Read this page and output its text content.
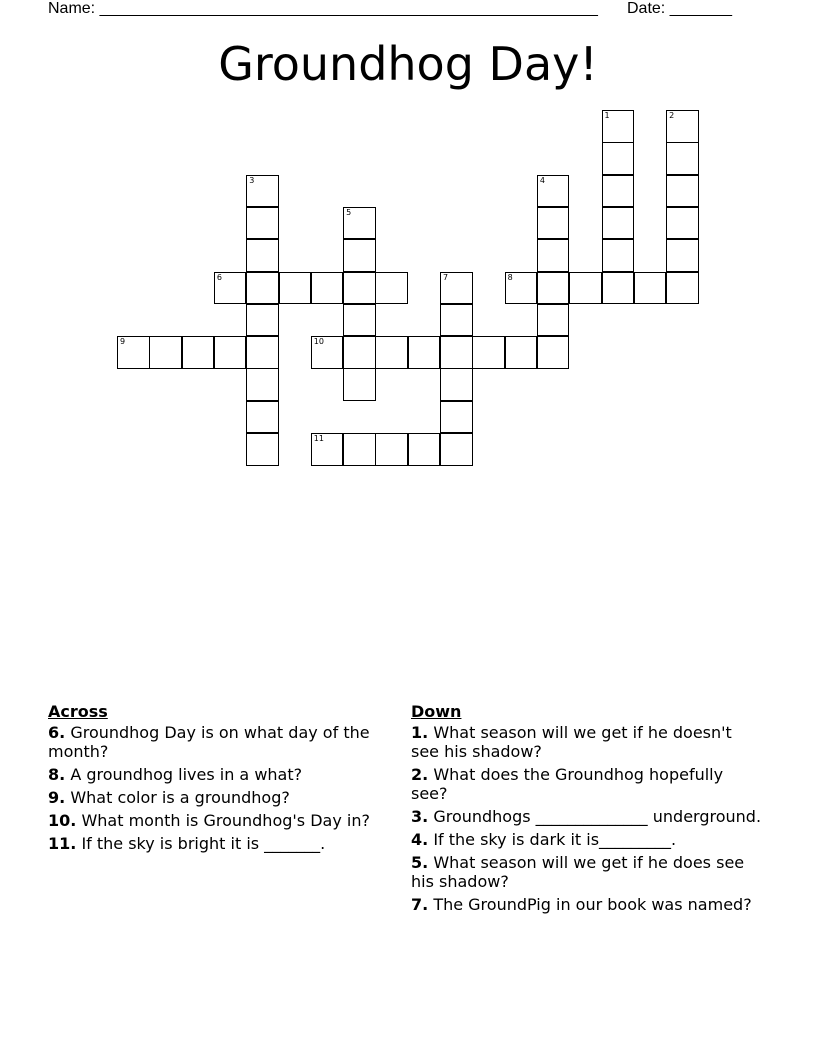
Name: ________________________________________________________ Date: _______
Groundhog Day!
1	2
3	4
5
6	7	8
9	10
11
Across
6. Groundhog Day is on what day of the month?
8. A groundhog lives in a what?
9. What color is a groundhog?
10. What month is Groundhog's Day in?
11. If the sky is bright it is _______.
Down
1. What season will we get if he doesn't see his shadow?
2. What does the Groundhog hopefully see?
3. Groundhogs ______________ underground.
4. If the sky is dark it is_________.
5. What season will we get if he does see his shadow?
7. The GroundPig in our book was named?
